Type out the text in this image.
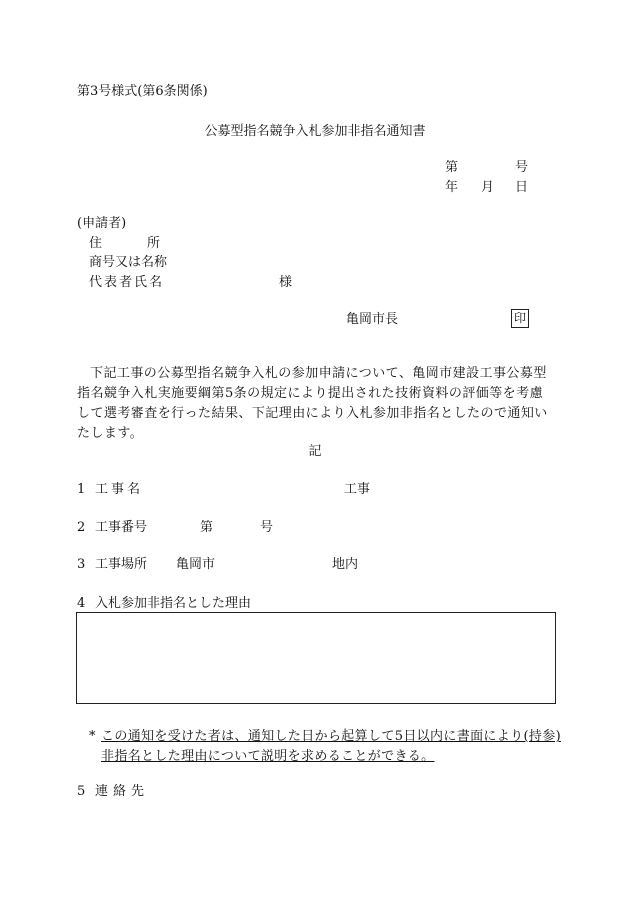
第3号様式(第6条関係)
公募型指名競争入札参加非指名通知書
第	号
年 月 日
(申請者)
住	所
商号又は名称
代表者氏名	様
亀岡市長	印
下記工事の公募型指名競争入札の参加申請について、亀岡市建設工事公募型指名競争入札実施要綱第5条の規定により提出された技術資料の評価等を考慮して選考審査を行った結果、下記理由により入札参加非指名としたので通知いたします。
記
1 工事名	工事
2 工事番号	第	号
3 工事場所 亀岡市	地内
4 入札参加非指名とした理由
* この通知を受けた者は、通知した日から起算して5日以内に書面により(持参)非指名とした理由について説明を求めることができる。
5 連絡先
